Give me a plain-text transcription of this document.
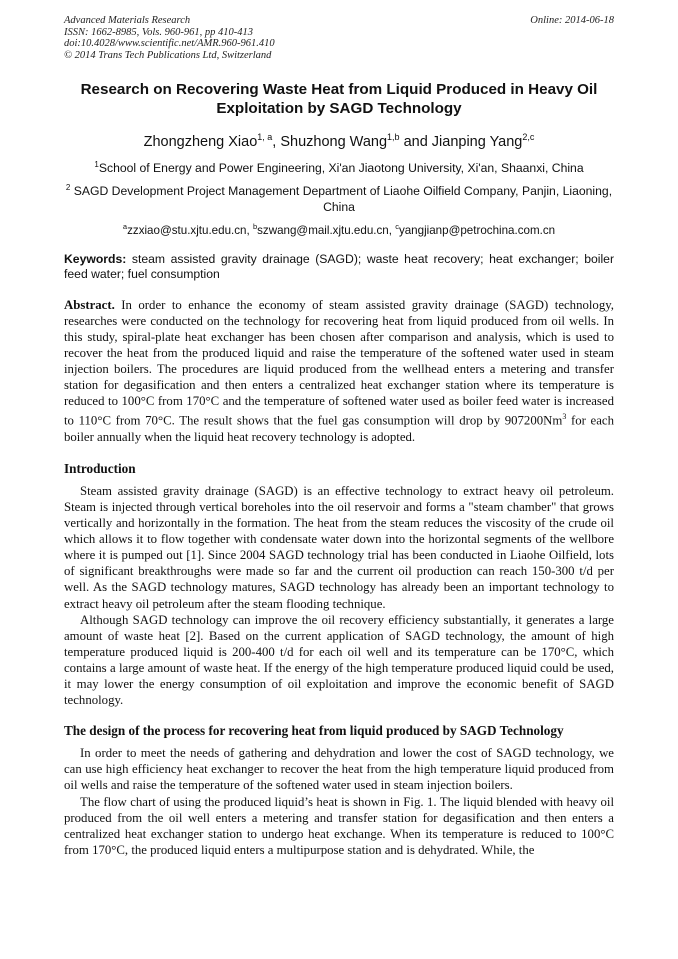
Advanced Materials Research
ISSN: 1662-8985, Vols. 960-961, pp 410-413
doi:10.4028/www.scientific.net/AMR.960-961.410
© 2014 Trans Tech Publications Ltd, Switzerland
Online: 2014-06-18
Research on Recovering Waste Heat from Liquid Produced in Heavy Oil Exploitation by SAGD Technology
Zhongzheng Xiao$^{1, a}$, Shuzhong Wang$^{1,b}$ and Jianping Yang$^{2,c}$
$^1$School of Energy and Power Engineering, Xi'an Jiaotong University, Xi'an, Shaanxi, China
$^2$ SAGD Development Project Management Department of Liaohe Oilfield Company, Panjin, Liaoning, China
$^a$zzxiao@stu.xjtu.edu.cn, $^b$szwang@mail.xjtu.edu.cn, $^c$yangjianp@petrochina.com.cn

Keywords: steam assisted gravity drainage (SAGD); waste heat recovery; heat exchanger; boiler feed water; fuel consumption

Abstract. In order to enhance the economy of steam assisted gravity drainage (SAGD) technology, researches were conducted on the technology for recovering heat from liquid produced from oil wells. In this study, spiral-plate heat exchanger has been chosen after comparison and analysis, which is used to recover the heat from the produced liquid and raise the temperature of the softened water used in steam injection boilers. The procedures are liquid produced from the wellhead enters a metering and transfer station for degasification and then enters a centralized heat exchanger station where its temperature is reduced to 100°C from 170°C and the temperature of softened water used as boiler feed water is increased to 110°C from 70°C. The result shows that the fuel gas consumption will drop by 907200Nm$^3$ for each boiler annually when the liquid heat recovery technology is adopted.

Introduction

Steam assisted gravity drainage (SAGD) is an effective technology to extract heavy oil petroleum. Steam is injected through vertical boreholes into the oil reservoir and forms a "steam chamber" that grows vertically and horizontally in the formation. The heat from the steam reduces the viscosity of the crude oil which allows it to flow together with condensate water down into the horizontal segments of the wellbore where it is pumped out [1]. Since 2004 SAGD technology trial has been conducted in Liaohe Oilfield, lots of significant breakthroughs were made so far and the current oil production can reach 150-300 t/d per well. As the SAGD technology matures, SAGD technology has already been an important technology to extract heavy oil petroleum after the steam flooding technique.

Although SAGD technology can improve the oil recovery efficiency substantially, it generates a large amount of waste heat [2]. Based on the current application of SAGD technology, the amount of high temperature produced liquid is 200-400 t/d for each oil well and its temperature can be 170°C, which contains a large amount of waste heat. If the energy of the high temperature produced liquid could be used, it may lower the energy consumption of oil exploitation and improve the economic benefit of SAGD technology.

The design of the process for recovering heat from liquid produced by SAGD Technology

In order to meet the needs of gathering and dehydration and lower the cost of SAGD technology, we can use high efficiency heat exchanger to recover the heat from the high temperature liquid produced from oil wells and raise the temperature of the softened water used in steam injection boilers.

The flow chart of using the produced liquid’s heat is shown in Fig. 1. The liquid blended with heavy oil produced from the oil well enters a metering and transfer station for degasification and then enters a centralized heat exchanger station to undergo heat exchange. When its temperature is reduced to 100°C from 170°C, the produced liquid enters a multipurpose station and is dehydrated. While, the
